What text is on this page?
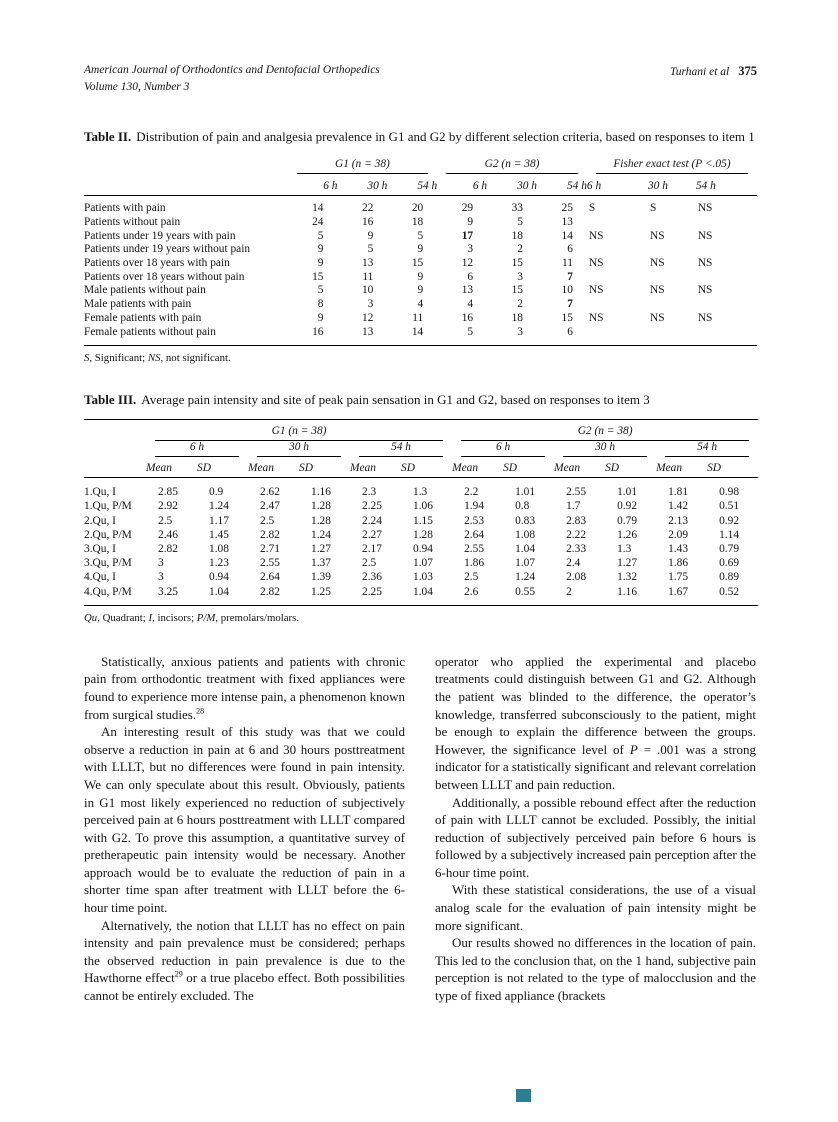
American Journal of Orthodontics and Dentofacial Orthopedics
Volume 130, Number 3
Turhani et al 375
Table II. Distribution of pain and analgesia prevalence in G1 and G2 by different selection criteria, based on responses to item 1

	G1 (n = 38)			G2 (n = 38)			Fisher exact test (P <.05)		

	6 h	30 h	54 h	6 h	30 h	54 h	6 h	30 h	54 h
Patients with pain	14	22	20	29	33	25	S	S	NS
Patients without pain	24	16	18	9	5	13			
Patients under 19 years with pain	5	9	5	17	18	14	NS	NS	NS
Patients under 19 years without pain	9	5	9	3	2	6			
Patients over 18 years with pain	9	13	15	12	15	11	NS	NS	NS
Patients over 18 years without pain	15	11	9	6	3	7			
Male patients without pain	5	10	9	13	15	10	NS	NS	NS
Male patients with pain	8	3	4	4	2	7			
Female patients with pain	9	12	11	16	18	15	NS	NS	NS
Female patients without pain	16	13	14	5	3	6			
S, Significant; NS, not significant.
Table III. Average pain intensity and site of peak pain sensation in G1 and G2, based on responses to item 3

	G1 (n = 38)						G2 (n = 38)					

	6 h		30 h		54 h		6 h		30 h		54 h	

	Mean	SD	Mean	SD	Mean	SD	Mean	SD	Mean	SD	Mean	SD
1.Qu, I	2.85	0.9	2.62	1.16	2.3	1.3	2.2	1.01	2.55	1.01	1.81	0.98
1.Qu, P/M	2.92	1.24	2.47	1.28	2.25	1.06	1.94	0.8	1.7	0.92	1.42	0.51
2.Qu, I	2.5	1.17	2.5	1.28	2.24	1.15	2.53	0.83	2.83	0.79	2.13	0.92
2.Qu, P/M	2.46	1.45	2.82	1.24	2.27	1.28	2.64	1.08	2.22	1.26	2.09	1.14
3.Qu, I	2.82	1.08	2.71	1.27	2.17	0.94	2.55	1.04	2.33	1.3	1.43	0.79
3.Qu, P/M	3	1.23	2.55	1.37	2.5	1.07	1.86	1.07	2.4	1.27	1.86	0.69
4.Qu, I	3	0.94	2.64	1.39	2.36	1.03	2.5	1.24	2.08	1.32	1.75	0.89
4.Qu, P/M	3.25	1.04	2.82	1.25	2.25	1.04	2.6	0.55	2	1.16	1.67	0.52
Qu, Quadrant; I, incisors; P/M, premolars/molars.

Statistically, anxious patients and patients with chronic pain from orthodontic treatment with fixed appliances were found to experience more intense pain, a phenomenon known from surgical studies.$^{28}$

An interesting result of this study was that we could observe a reduction in pain at 6 and 30 hours posttreatment with LLLT, but no differences were found in pain intensity. We can only speculate about this result. Obviously, patients in G1 most likely experienced no reduction of subjectively perceived pain at 6 hours posttreatment with LLLT compared with G2. To prove this assumption, a quantitative survey of pretherapeutic pain intensity would be necessary. Another approach would be to evaluate the reduction of pain in a shorter time span after treatment with LLLT before the 6-hour time point.

Alternatively, the notion that LLLT has no effect on pain intensity and pain prevalence must be considered; perhaps the observed reduction in pain prevalence is due to the Hawthorne effect$^{29}$ or a true placebo effect. Both possibilities cannot be entirely excluded. The

operator who applied the experimental and placebo treatments could distinguish between G1 and G2. Although the patient was blinded to the difference, the operator’s knowledge, transferred subconsciously to the patient, might be enough to explain the difference between the groups. However, the significance level of P = .001 was a strong indicator for a statistically significant and relevant correlation between LLLT and pain reduction.

Additionally, a possible rebound effect after the reduction of pain with LLLT cannot be excluded. Possibly, the initial reduction of subjectively perceived pain before 6 hours is followed by a subjectively increased pain perception after the 6-hour time point.

With these statistical considerations, the use of a visual analog scale for the evaluation of pain intensity might be more significant.

Our results showed no differences in the location of pain. This led to the conclusion that, on the 1 hand, subjective pain perception is not related to the type of malocclusion and the type of fixed appliance (brackets
